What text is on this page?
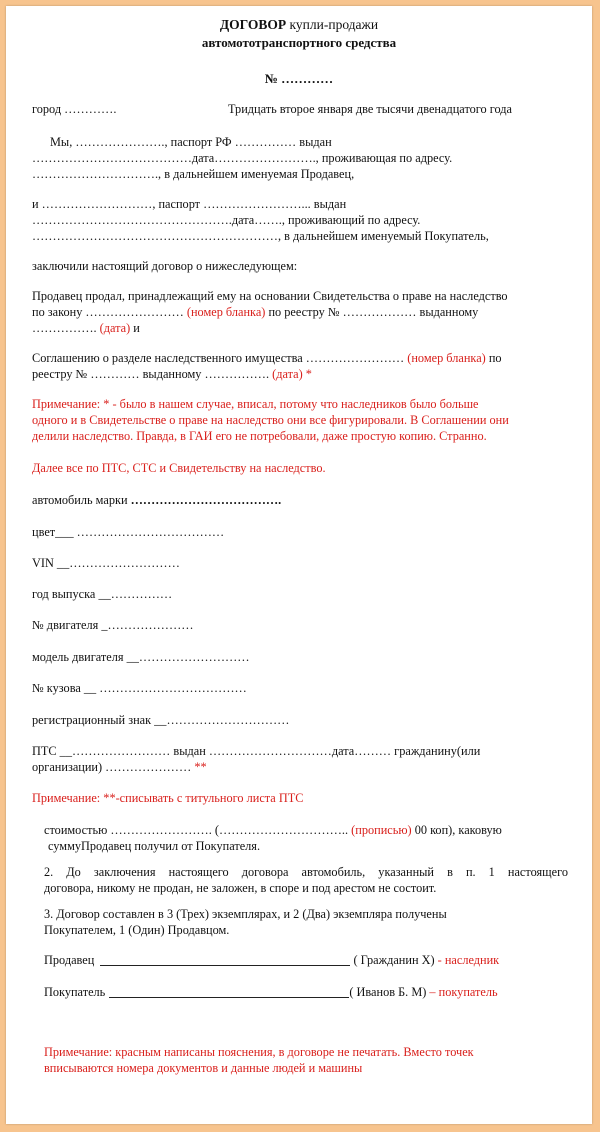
ДОГОВОР купли-продажи
автомототранспортного средства
№ …………
город ………….	Тридцать второе января две тысячи двенадцатого года
Мы, …………………., паспорт РФ …………… выдан
…………………………………дата……………………., проживающая по адресу.
…………………………., в дальнейшем именуемая Продавец,
и ………………………, паспорт ……………………... выдан
………………………………………….дата……., проживающий по адресу.
……………………………………………………, в дальнейшем именуемый Покупатель,
заключили настоящий договор о нижеследующем:
Продавец продал, принадлежащий ему на основании Свидетельства о праве на наследство
по закону …………………… (номер бланка) по реестру № ……………… выданному
……………. (дата) и
Соглашению о разделе наследственного имущества …………………… (номер бланка) по
реестру № ………… выданному ……………. (дата) *
Примечание: * - было в нашем случае, вписал, потому что наследников было больше
одного и в Свидетельстве о праве на наследство они все фигурировали. В Соглашении они
делили наследство. Правда, в ГАИ его не потребовали, даже простую копию. Странно.
Далее все по ПТС, СТС и Свидетельству на наследство.
автомобиль марки ……………………………….
цвет___ ………………………………
VIN __………………………
год выпуска __……………
№ двигателя _…………………
модель двигателя __………………………
№ кузова __ ………………………………
регистрационный знак __…………………………
ПТС __…………………… выдан …………………………дата……… гражданину(или
организации) ………………… **
Примечание: **-списывать с титульного листа ПТС
стоимостью ……………………. (………………………….. (прописью) 00 коп), каковую
суммуПродавец получил от Покупателя.
2. До заключения настоящего договора автомобиль, указанный в п. 1 настоящего
договора, никому не продан, не заложен, в споре и под арестом не состоит.
3. Договор составлен в 3 (Трех) экземплярах, и 2 (Два) экземпляра получены
Покупателем, 1 (Один) Продавцом.
Продавец	( Гражданин Х) - наследник
Покупатель	( Иванов Б. М) – покупатель
Примечание: красным написаны пояснения, в договоре не печатать. Вместо точек
вписываются номера документов и данные людей и машины
